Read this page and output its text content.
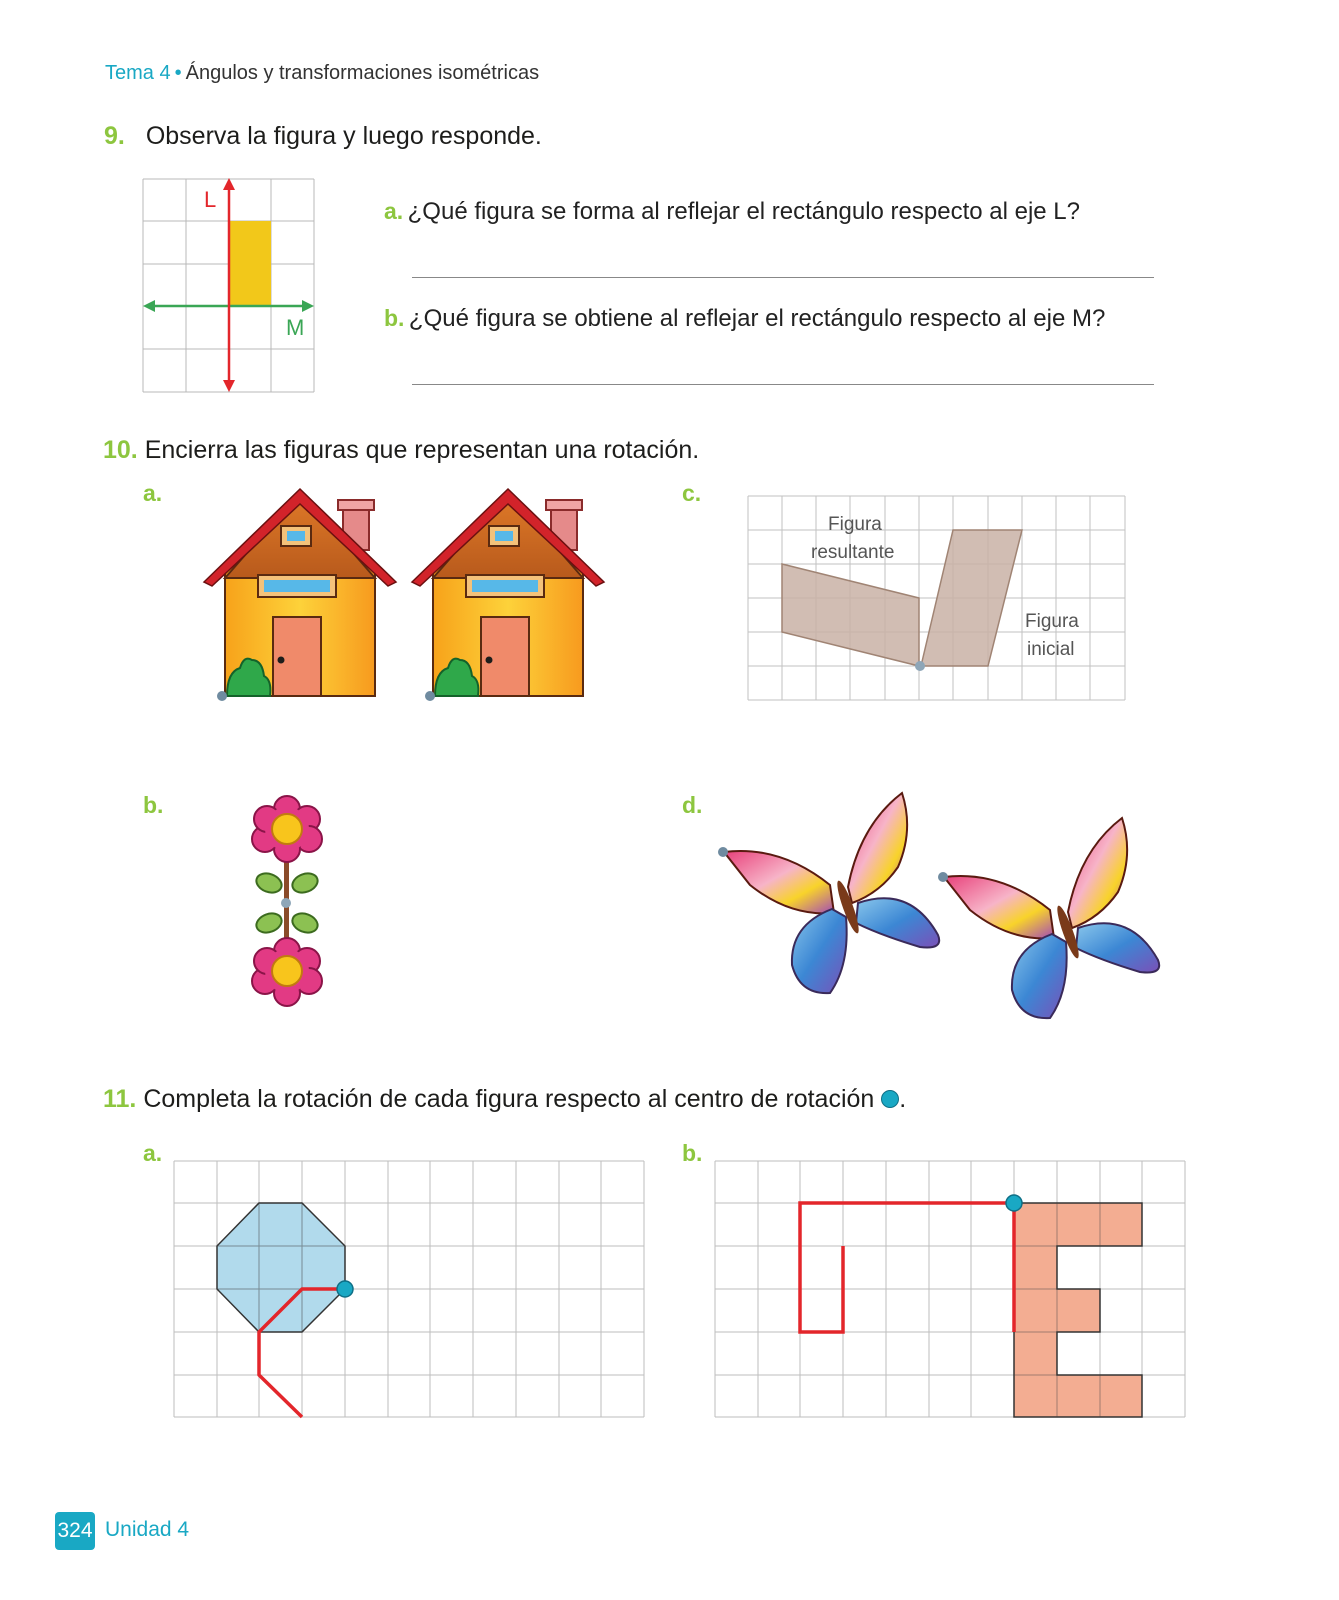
Tema 4 • Ángulos y transformaciones isométricas
9. Observa la figura y luego responde.
L
M
a. ¿Qué figura se forma al reflejar el rectángulo respecto al eje L?
b. ¿Qué figura se obtiene al reflejar el rectángulo respecto al eje M?
10. Encierra las figuras que representan una rotación.
a.	c.
b.	d.
Figura
resultante
Figura
inicial
11. Completa la rotación de cada figura respecto al centro de rotación .
a.	b.
324 Unidad 4
